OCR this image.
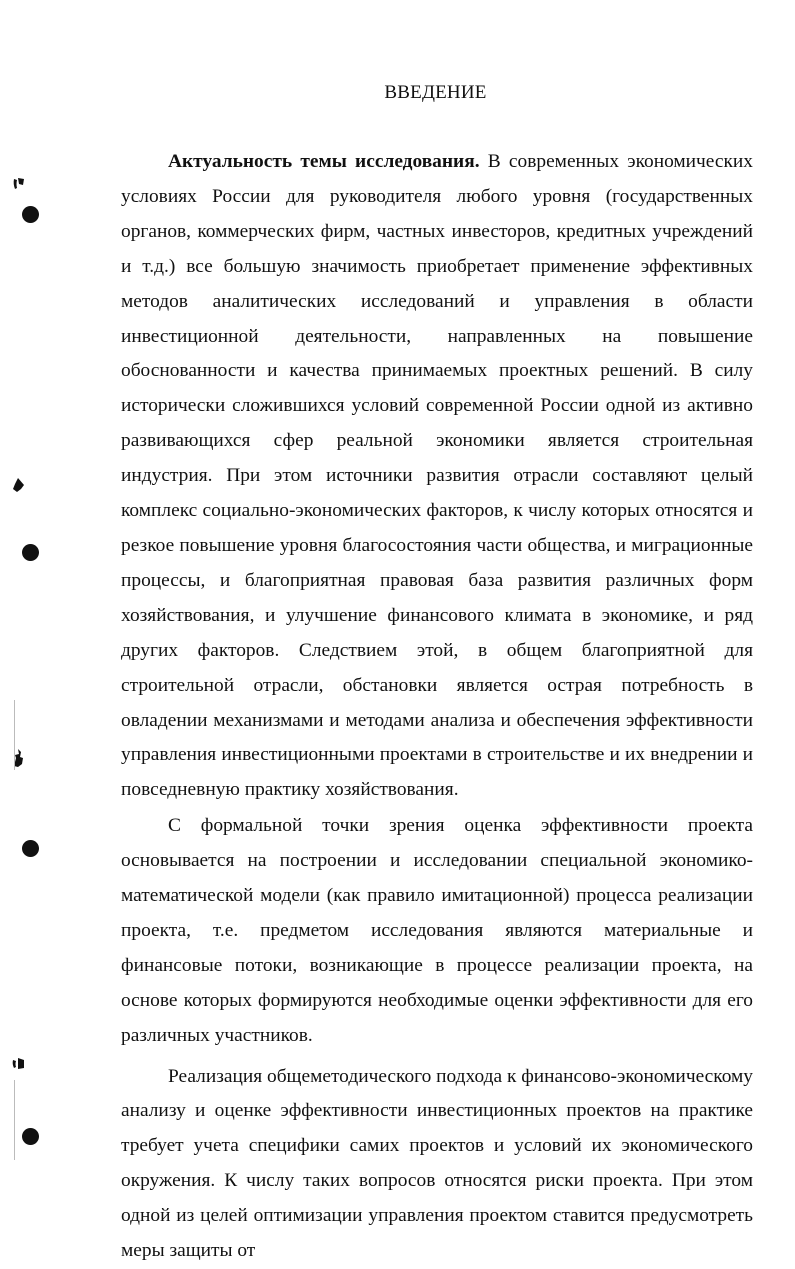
ВВЕДЕНИЕ

Актуальность темы исследования. В современных экономических условиях России для руководителя любого уровня (государственных органов, коммерческих фирм, частных инвесторов, кредитных учреждений и т.д.) все большую значимость приобретает применение эффективных методов аналитических исследований и управления в области инвестиционной деятельности, направленных на повышение обоснованности и качества принимаемых проектных решений. В силу исторически сложившихся условий современной России одной из активно развивающихся сфер реальной экономики является строительная индустрия. При этом источники развития отрасли составляют целый комплекс социально-экономических факторов, к числу которых относятся и резкое повышение уровня благосостояния части общества, и миграционные процессы, и благоприятная правовая база развития различных форм хозяйствования, и улучшение финансового климата в экономике, и ряд других факторов. Следствием этой, в общем благоприятной для строительной отрасли, обстановки является острая потребность в овладении механизмами и методами анализа и обеспечения эффективности управления инвестиционными проектами в строительстве и их внедрении и повседневную практику хозяйствования.

С формальной точки зрения оценка эффективности проекта основывается на построении и исследовании специальной экономико-математической модели (как правило имитационной) процесса реализации проекта, т.е. предметом исследования являются материальные и финансовые потоки, возникающие в процессе реализации проекта, на основе которых формируются необходимые оценки эффективности для его различных участников.

Реализация общеметодического подхода к финансово-экономическому анализу и оценке эффективности инвестиционных проектов на практике требует учета специфики самих проектов и условий их экономического окружения. К числу таких вопросов относятся риски проекта. При этом одной из целей оптимизации управления проектом ставится предусмотреть меры защиты от
